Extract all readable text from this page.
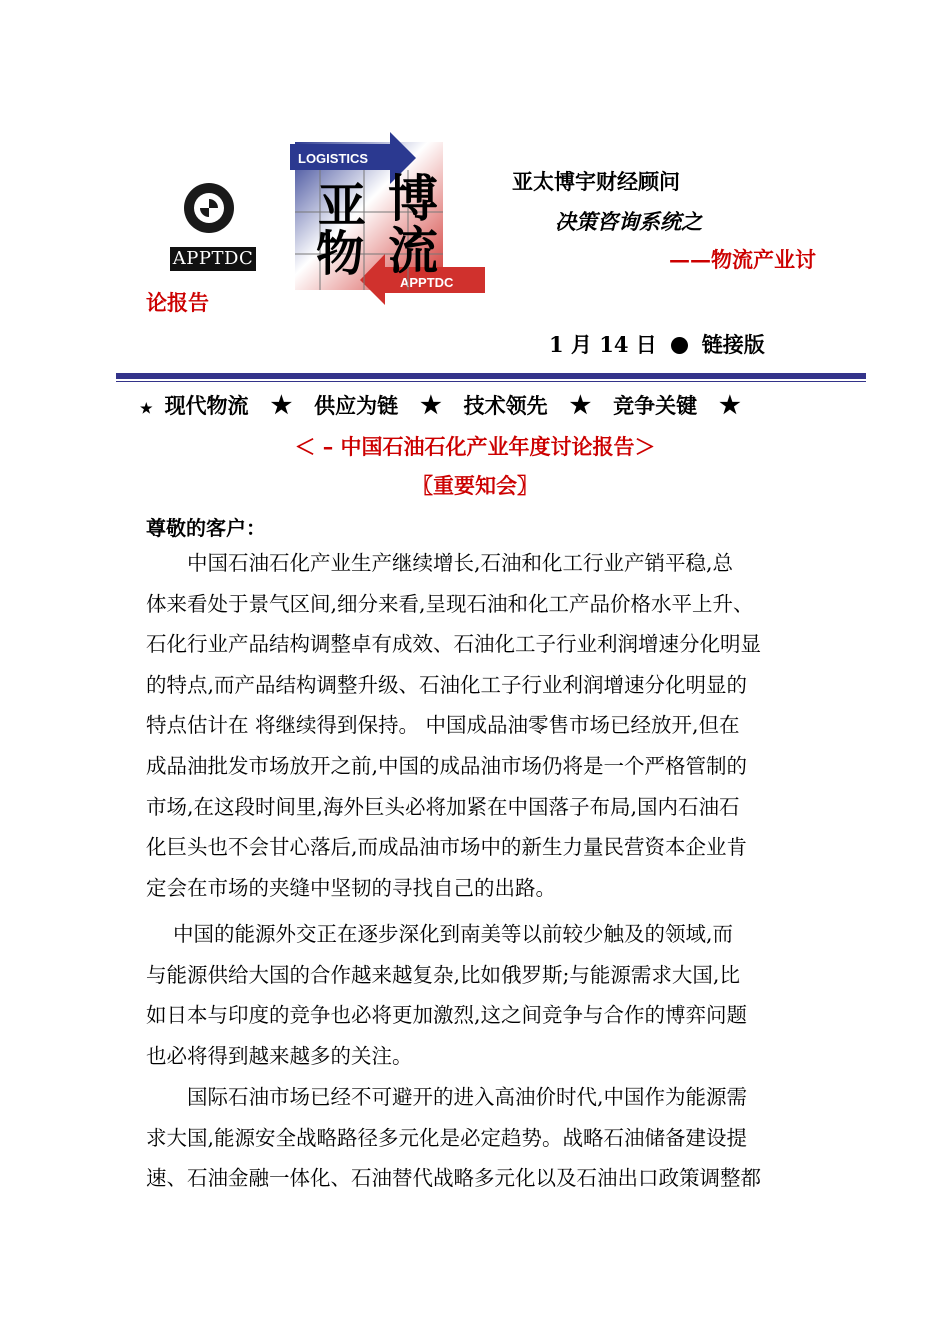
APPTDC
LOGISTICS
APPTDC
亚 博
物 流
亚太博宇财经顾问
决策咨询系统之
——物流产业讨
论报告
1 月 14 日 链接版
★ 现代物流 ★ 供应为链 ★ 技术领先 ★ 竞争关键 ★
＜ – 中国石油石化产业年度讨论报告＞
〖重要知会〗
尊敬的客户：
　　中国石油石化产业生产继续增长,石油和化工行业产销平稳,总
体来看处于景气区间,细分来看,呈现石油和化工产品价格水平上升、
石化行业产品结构调整卓有成效、石油化工子行业利润增速分化明显
的特点,而产品结构调整升级、石油化工子行业利润增速分化明显的
特点估计在 将继续得到保持。 中国成品油零售市场已经放开,但在
成品油批发市场放开之前,中国的成品油市场仍将是一个严格管制的
市场,在这段时间里,海外巨头必将加紧在中国落子布局,国内石油石
化巨头也不会甘心落后,而成品油市场中的新生力量民营资本企业肯
定会在市场的夹缝中坚韧的寻找自己的出路。
　 中国的能源外交正在逐步深化到南美等以前较少触及的领域,而
与能源供给大国的合作越来越复杂,比如俄罗斯;与能源需求大国,比
如日本与印度的竞争也必将更加激烈,这之间竞争与合作的博弈问题
也必将得到越来越多的关注。
　　国际石油市场已经不可避开的进入高油价时代,中国作为能源需
求大国,能源安全战略路径多元化是必定趋势。战略石油储备建设提
速、石油金融一体化、石油替代战略多元化以及石油出口政策调整都
